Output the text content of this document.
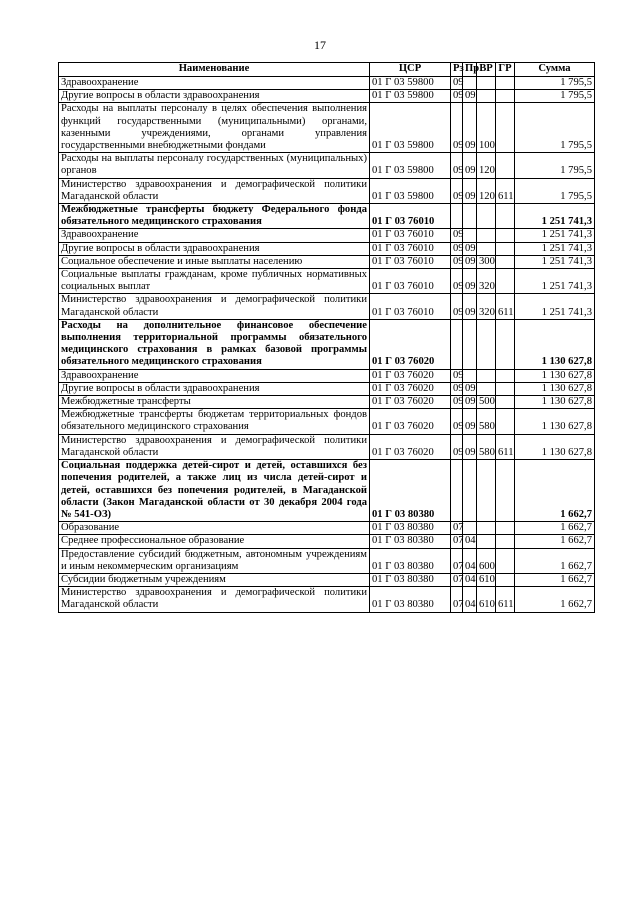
17
Наименование	ЦСР	Рз	Пр	ВР	ГР	Сумма
Здравоохранение	01 Г 03 59800	09				1 795,5
Другие вопросы в области здравоохранения	01 Г 03 59800	09	09			1 795,5
Расходы на выплаты персоналу в целях обеспечения выполнения функций государственными (муниципальными) органами, казенными учреждениями, органами управления государственными внебюджетными фондами	01 Г 03 59800	09	09	100		1 795,5
Расходы на выплаты персоналу государственных (муниципальных) органов	01 Г 03 59800	09	09	120		1 795,5
Министерство здравоохранения и демографической политики Магаданской области	01 Г 03 59800	09	09	120	611	1 795,5
Межбюджетные трансферты бюджету Федерального фонда обязательного медицинского страхования	01 Г 03 76010					1 251 741,3
Здравоохранение	01 Г 03 76010	09				1 251 741,3
Другие вопросы в области здравоохранения	01 Г 03 76010	09	09			1 251 741,3
Социальное обеспечение и иные выплаты населению	01 Г 03 76010	09	09	300		1 251 741,3
Социальные выплаты гражданам, кроме публичных нормативных социальных выплат	01 Г 03 76010	09	09	320		1 251 741,3
Министерство здравоохранения и демографической политики Магаданской области	01 Г 03 76010	09	09	320	611	1 251 741,3
Расходы на дополнительное финансовое обеспечение выполнения территориальной программы обязательного медицинского страхования в рамках базовой программы обязательного медицинского страхования	01 Г 03 76020					1 130 627,8
Здравоохранение	01 Г 03 76020	09				1 130 627,8
Другие вопросы в области здравоохранения	01 Г 03 76020	09	09			1 130 627,8
Межбюджетные трансферты	01 Г 03 76020	09	09	500		1 130 627,8
Межбюджетные трансферты бюджетам территориальных фондов обязательного медицинского страхования	01 Г 03 76020	09	09	580		1 130 627,8
Министерство здравоохранения и демографической политики Магаданской области	01 Г 03 76020	09	09	580	611	1 130 627,8
Социальная поддержка детей-сирот и детей, оставшихся без попечения родителей, а также лиц из числа детей-сирот и детей, оставшихся без попечения родителей, в Магаданской области (Закон Магаданской области от 30 декабря 2004 года № 541-ОЗ)	01 Г 03 80380					1 662,7
Образование	01 Г 03 80380	07				1 662,7
Среднее профессиональное образование	01 Г 03 80380	07	04			1 662,7
Предоставление субсидий бюджетным, автономным учреждениям и иным некоммерческим организациям	01 Г 03 80380	07	04	600		1 662,7
Субсидии бюджетным учреждениям	01 Г 03 80380	07	04	610		1 662,7
Министерство здравоохранения и демографической политики Магаданской области	01 Г 03 80380	07	04	610	611	1 662,7
